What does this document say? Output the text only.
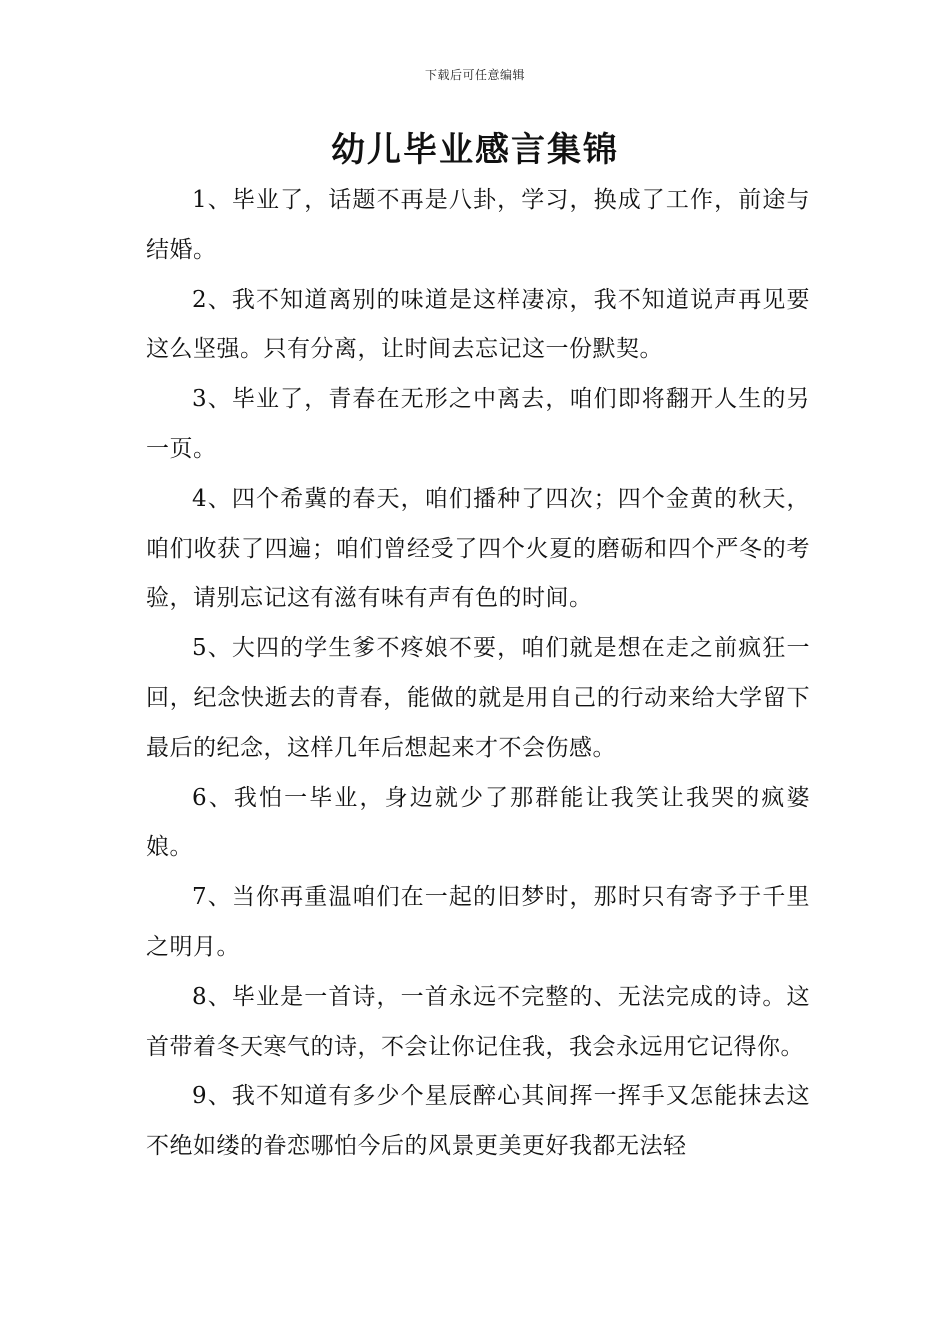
下载后可任意编辑
幼儿毕业感言集锦

1、毕业了，话题不再是八卦，学习，换成了工作，前途与结婚。

2、我不知道离别的味道是这样凄凉，我不知道说声再见要这么坚强。只有分离，让时间去忘记这一份默契。

3、毕业了，青春在无形之中离去，咱们即将翻开人生的另一页。

4、四个希冀的春天，咱们播种了四次；四个金黄的秋天，咱们收获了四遍；咱们曾经受了四个火夏的磨砺和四个严冬的考验，请别忘记这有滋有味有声有色的时间。

5、大四的学生爹不疼娘不要，咱们就是想在走之前疯狂一回，纪念快逝去的青春，能做的就是用自己的行动来给大学留下最后的纪念，这样几年后想起来才不会伤感。

6、我怕一毕业，身边就少了那群能让我笑让我哭的疯婆娘。

7、当你再重温咱们在一起的旧梦时，那时只有寄予于千里之明月。

8、毕业是一首诗，一首永远不完整的、无法完成的诗。这首带着冬天寒气的诗，不会让你记住我，我会永远用它记得你。

9、我不知道有多少个星辰醉心其间挥一挥手又怎能抹去这不绝如缕的眷恋哪怕今后的风景更美更好我都无法轻
